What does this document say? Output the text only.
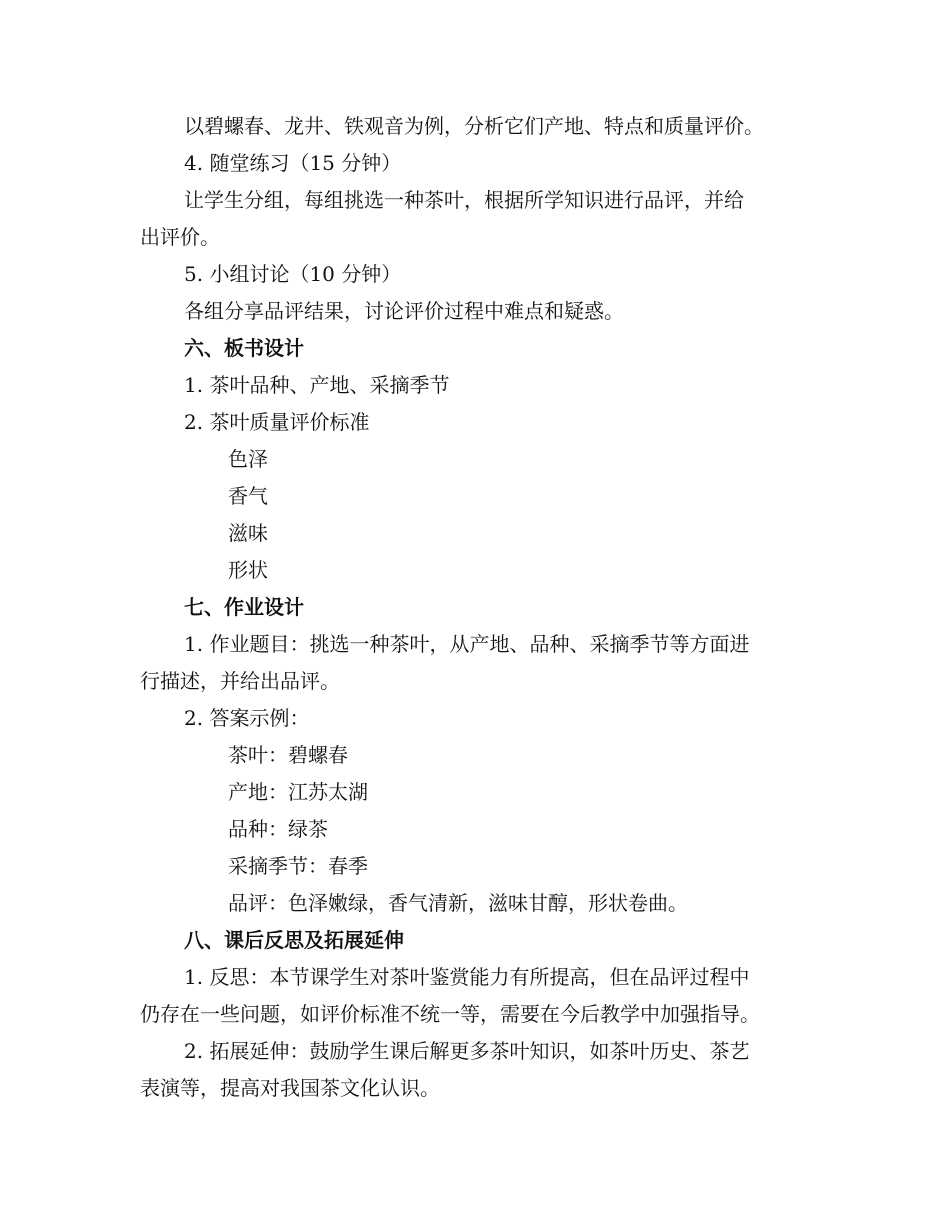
以碧螺春、龙井、铁观音为例，分析它们产地、特点和质量评价。
4. 随堂练习（15 分钟）
让学生分组，每组挑选一种茶叶，根据所学知识进行品评，并给
出评价。
5. 小组讨论（10 分钟）
各组分享品评结果，讨论评价过程中难点和疑惑。
六、板书设计
1. 茶叶品种、产地、采摘季节
2. 茶叶质量评价标准
色泽
香气
滋味
形状
七、作业设计
1. 作业题目：挑选一种茶叶，从产地、品种、采摘季节等方面进
行描述，并给出品评。
2. 答案示例：
茶叶：碧螺春
产地：江苏太湖
品种：绿茶
采摘季节：春季
品评：色泽嫩绿，香气清新，滋味甘醇，形状卷曲。
八、课后反思及拓展延伸
1. 反思：本节课学生对茶叶鉴赏能力有所提高，但在品评过程中
仍存在一些问题，如评价标准不统一等，需要在今后教学中加强指导。
2. 拓展延伸：鼓励学生课后解更多茶叶知识，如茶叶历史、茶艺
表演等，提高对我国茶文化认识。
